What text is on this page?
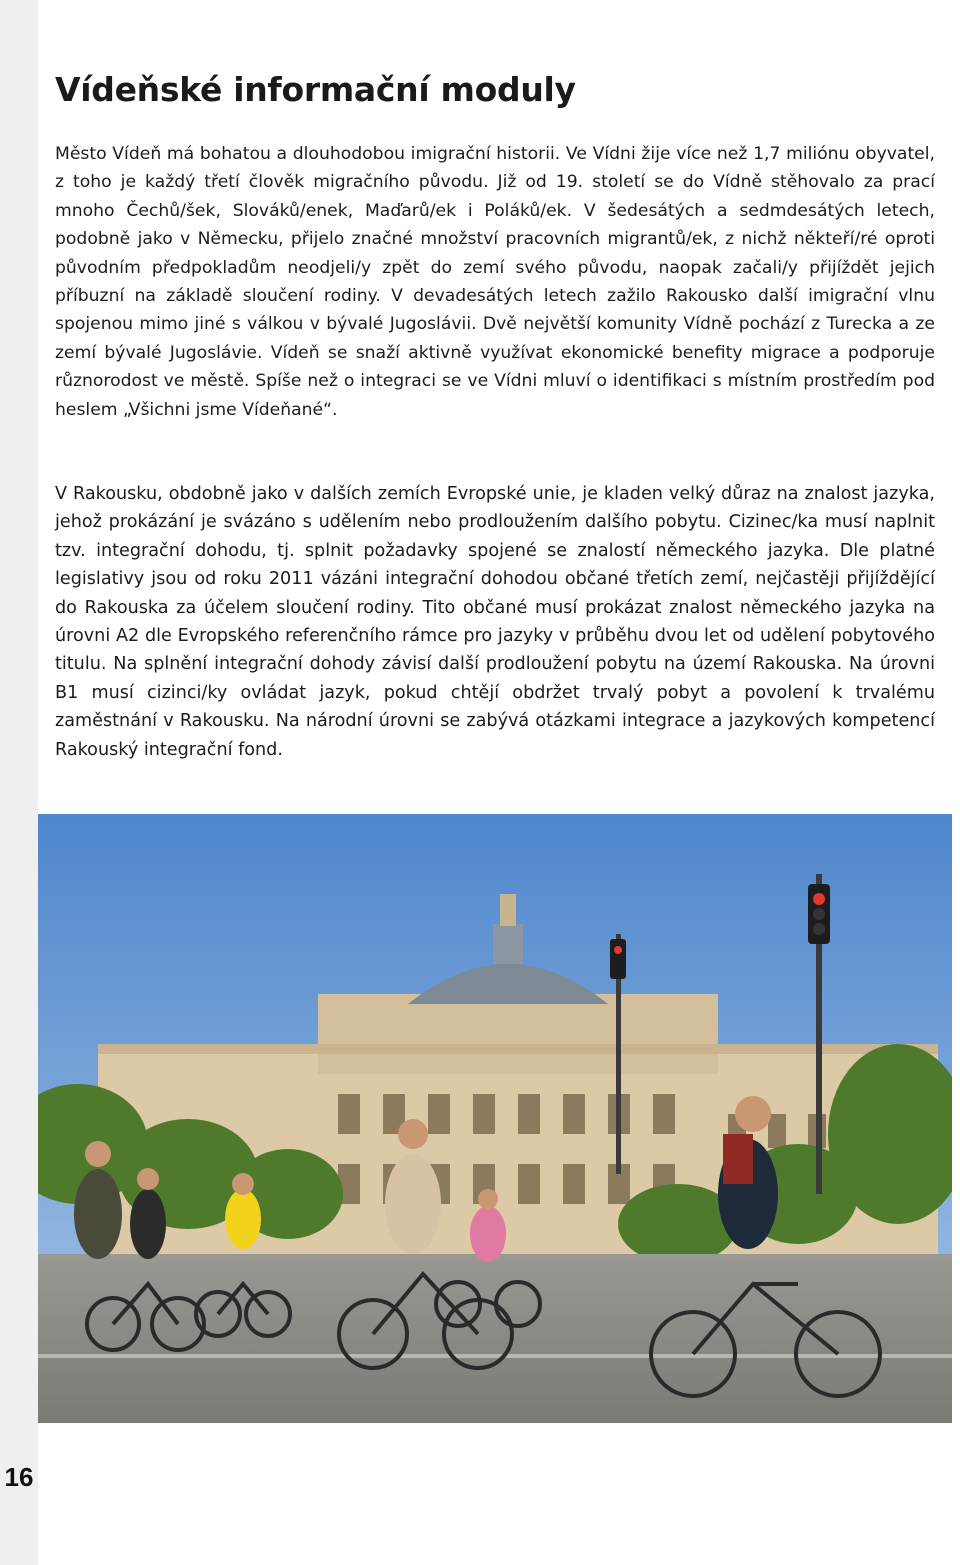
Vídeňské informační moduly

Město Vídeň má bohatou a dlouhodobou imigrační historii. Ve Vídni žije více než 1,7 miliónu obyvatel, z toho je každý třetí člověk migračního původu. Již od 19. století se do Vídně stěhovalo za prací mnoho Čechů/šek, Slováků/enek, Maďarů/ek i Poláků/ek. V šedesátých a sedmdesátých letech, podobně jako v Německu, přijelo značné množství pracovních migrantů/ek, z nichž někteří/ré oproti původním předpokladům neodjeli/y zpět do zemí svého původu, naopak začali/y přijíždět jejich příbuzní na základě sloučení rodiny. V devadesátých letech zažilo Rakousko další imigrační vlnu spojenou mimo jiné s válkou v bývalé Jugoslávii. Dvě největší komunity Vídně pochází z Turecka a ze zemí bývalé Jugoslávie. Vídeň se snaží aktivně využívat ekonomické benefity migrace a podporuje různorodost ve městě. Spíše než o integraci se ve Vídni mluví o identifikaci s místním prostředím pod heslem „Všichni jsme Vídeňané“.

V Rakousku, obdobně jako v dalších zemích Evropské unie, je kladen velký důraz na znalost jazyka, jehož prokázání je svázáno s udělením nebo prodloužením dalšího pobytu. Cizinec/ka musí naplnit tzv. integrační dohodu, tj. splnit požadavky spojené se znalostí německého jazyka. Dle platné legislativy jsou od roku 2011 vázáni integrační dohodou občané třetích zemí, nejčastěji přijíždějící do Rakouska za účelem sloučení rodiny. Tito občané musí prokázat znalost německého jazyka na úrovni A2 dle Evropského referenčního rámce pro jazyky v průběhu dvou let od udělení pobytového titulu. Na splnění integrační dohody závisí další prodloužení pobytu na území Rakouska. Na úrovni B1 musí cizinci/ky ovládat jazyk, pokud chtějí obdržet trvalý pobyt a povolení k trvalému zaměstnání v Rakousku. Na národní úrovni se zabývá otázkami integrace a jazykových kompetencí Rakouský integrační fond.

16
